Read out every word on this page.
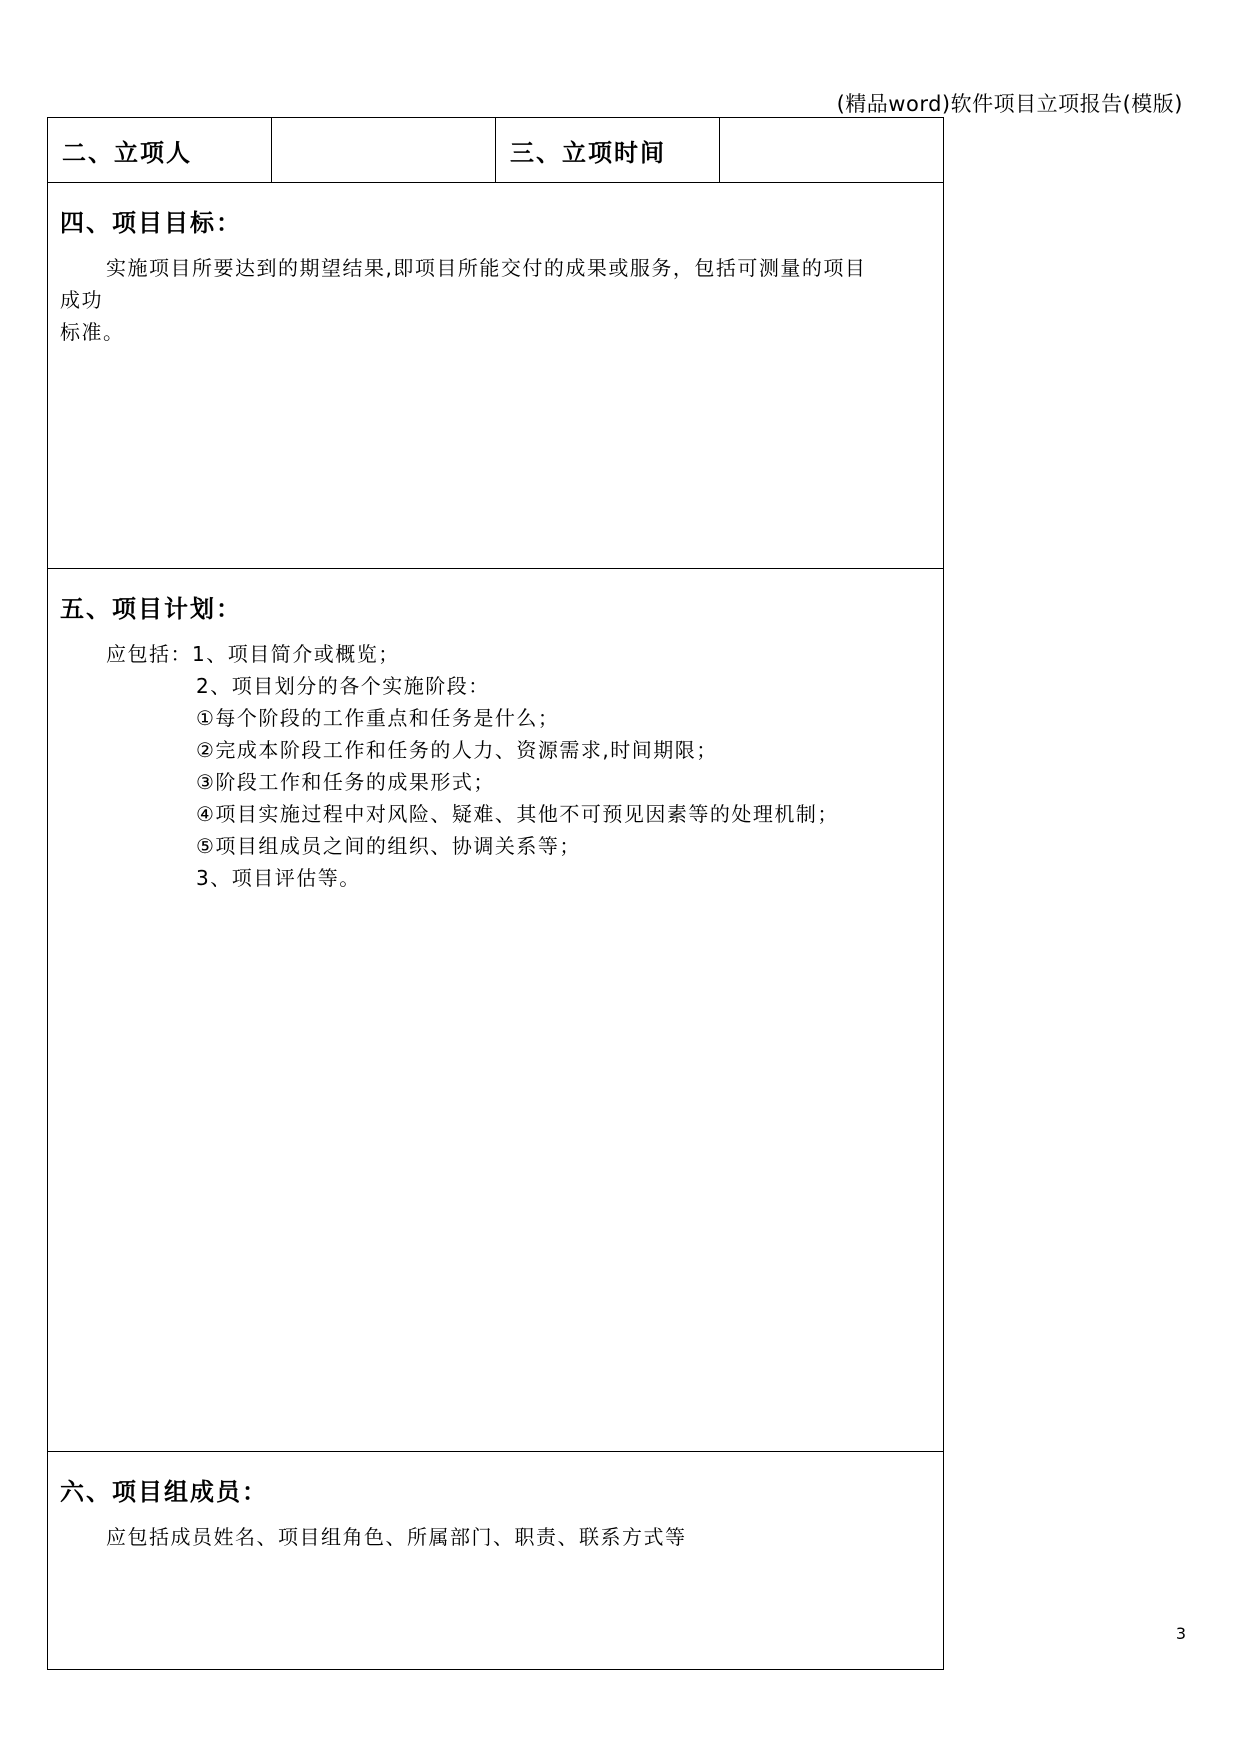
(精品word)软件项目立项报告(模版)
二、立项人		三、立项时间	

四、项目目标：
实施项目所要达到的期望结果,即项目所能交付的成果或服务，包括可测量的项目
成功
标准。

五、项目计划：
应包括：1、项目简介或概览；
2、项目划分的各个实施阶段：
①每个阶段的工作重点和任务是什么；
②完成本阶段工作和任务的人力、资源需求,时间期限；
③阶段工作和任务的成果形式；
④项目实施过程中对风险、疑难、其他不可预见因素等的处理机制；
⑤项目组成员之间的组织、协调关系等；
3、项目评估等。

六、项目组成员：
应包括成员姓名、项目组角色、所属部门、职责、联系方式等
3
